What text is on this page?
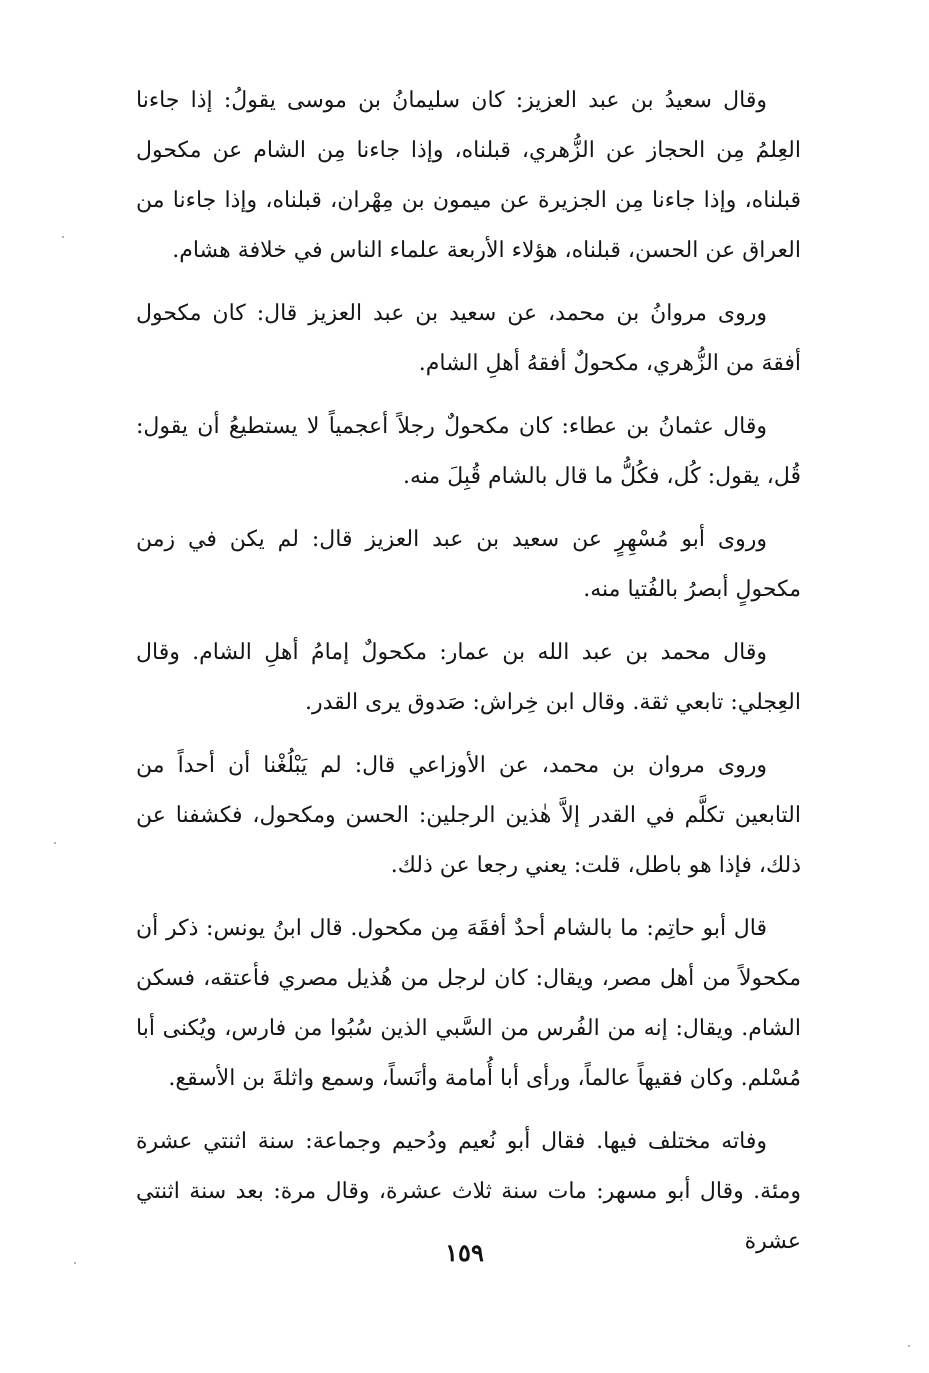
وقال سعيدُ بن عبد العزيز: كان سليمانُ بن موسى يقولُ: إذا جاءنا العِلمُ مِن الحجاز عن الزُّهري، قبلناه، وإذا جاءنا مِن الشام عن مكحول قبلناه، وإذا جاءنا مِن الجزيرة عن ميمون بن مِهْران، قبلناه، وإذا جاءنا من العراق عن الحسن، قبلناه، هؤلاء الأربعة علماء الناس في خلافة هشام.

وروى مروانُ بن محمد، عن سعيد بن عبد العزيز قال: كان مكحول أفقهَ من الزُّهري، مكحولٌ أفقهُ أهلِ الشام.

وقال عثمانُ بن عطاء: كان مكحولٌ رجلاً أعجمياً لا يستطيعُ أن يقول: قُل، يقول: كُل، فكُلُّ ما قال بالشام قُبِلَ منه.

وروى أبو مُسْهِرٍ عن سعيد بن عبد العزيز قال: لم يكن في زمن مكحولٍ أبصرُ بالفُتيا منه.

وقال محمد بن عبد الله بن عمار: مكحولٌ إمامُ أهلِ الشام. وقال العِجلي: تابعي ثقة. وقال ابن خِراش: صَدوق يرى القدر.

وروى مروان بن محمد، عن الأوزاعي قال: لم يَبْلُغْنا أن أحداً من التابعين تكلَّم في القدر إلاَّ هٰذين الرجلين: الحسن ومكحول، فكشفنا عن ذلك، فإذا هو باطل، قلت: يعني رجعا عن ذلك.

قال أبو حاتِم: ما بالشام أحدٌ أفقَهَ مِن مكحول. قال ابنُ يونس: ذكر أن مكحولاً من أهل مصر، ويقال: كان لرجل من هُذيل مصري فأعتقه، فسكن الشام. ويقال: إنه من الفُرس من السَّبي الذين سُبُوا من فارس، ويُكنى أبا مُسْلم. وكان فقيهاً عالماً، ورأى أبا أُمامة وأنَساً، وسمع واثلةَ بن الأسقع.

وفاته مختلف فيها. فقال أبو نُعيم ودُحيم وجماعة: سنة اثنتي عشرة ومئة. وقال أبو مسهر: مات سنة ثلاث عشرة، وقال مرة: بعد سنة اثنتي عشرة

١٥٩
